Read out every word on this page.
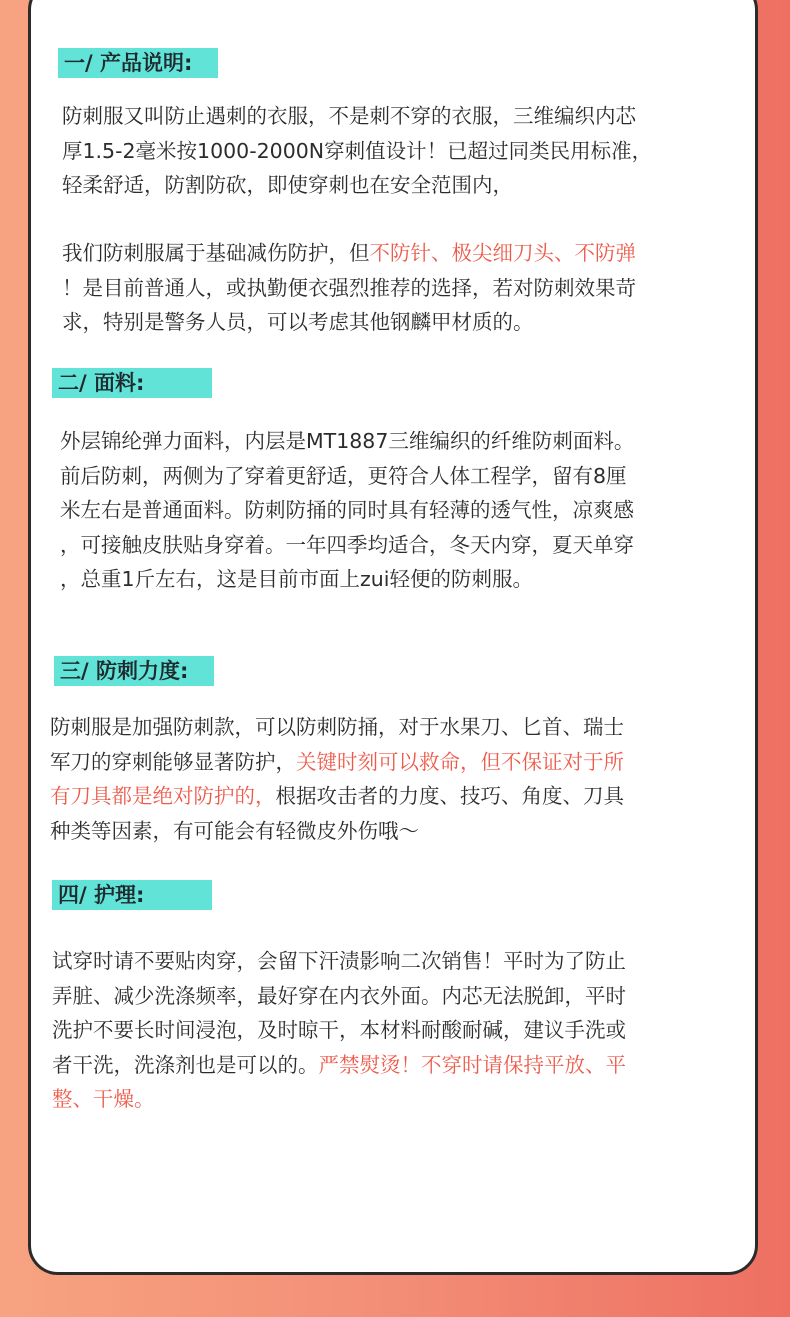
一/ 产品说明:
防刺服又叫防止遇刺的衣服，不是刺不穿的衣服，三维编织内芯
厚1.5-2毫米按1000-2000N穿刺值设计！已超过同类民用标准，
轻柔舒适，防割防砍，即使穿刺也在安全范围内，
我们防刺服属于基础减伤防护，但不防针、极尖细刀头、不防弹
！是目前普通人，或执勤便衣强烈推荐的选择，若对防刺效果苛
求，特别是警务人员，可以考虑其他钢麟甲材质的。
二/ 面料:
外层锦纶弹力面料，内层是MT1887三维编织的纤维防刺面料。
前后防刺，两侧为了穿着更舒适，更符合人体工程学，留有8厘
米左右是普通面料。防刺防捅的同时具有轻薄的透气性，凉爽感
，可接触皮肤贴身穿着。一年四季均适合，冬天内穿，夏天单穿
，总重1斤左右，这是目前市面上zui轻便的防刺服。
三/ 防刺力度:
防刺服是加强防刺款，可以防刺防捅，对于水果刀、匕首、瑞士
军刀的穿刺能够显著防护，关键时刻可以救命，但不保证对于所
有刀具都是绝对防护的，根据攻击者的力度、技巧、角度、刀具
种类等因素，有可能会有轻微皮外伤哦～
四/ 护理:
试穿时请不要贴肉穿，会留下汗渍影响二次销售！平时为了防止
弄脏、减少洗涤频率，最好穿在内衣外面。内芯无法脱卸，平时
洗护不要长时间浸泡，及时晾干，本材料耐酸耐碱，建议手洗或
者干洗，洗涤剂也是可以的。严禁熨烫！不穿时请保持平放、平
整、干燥。
